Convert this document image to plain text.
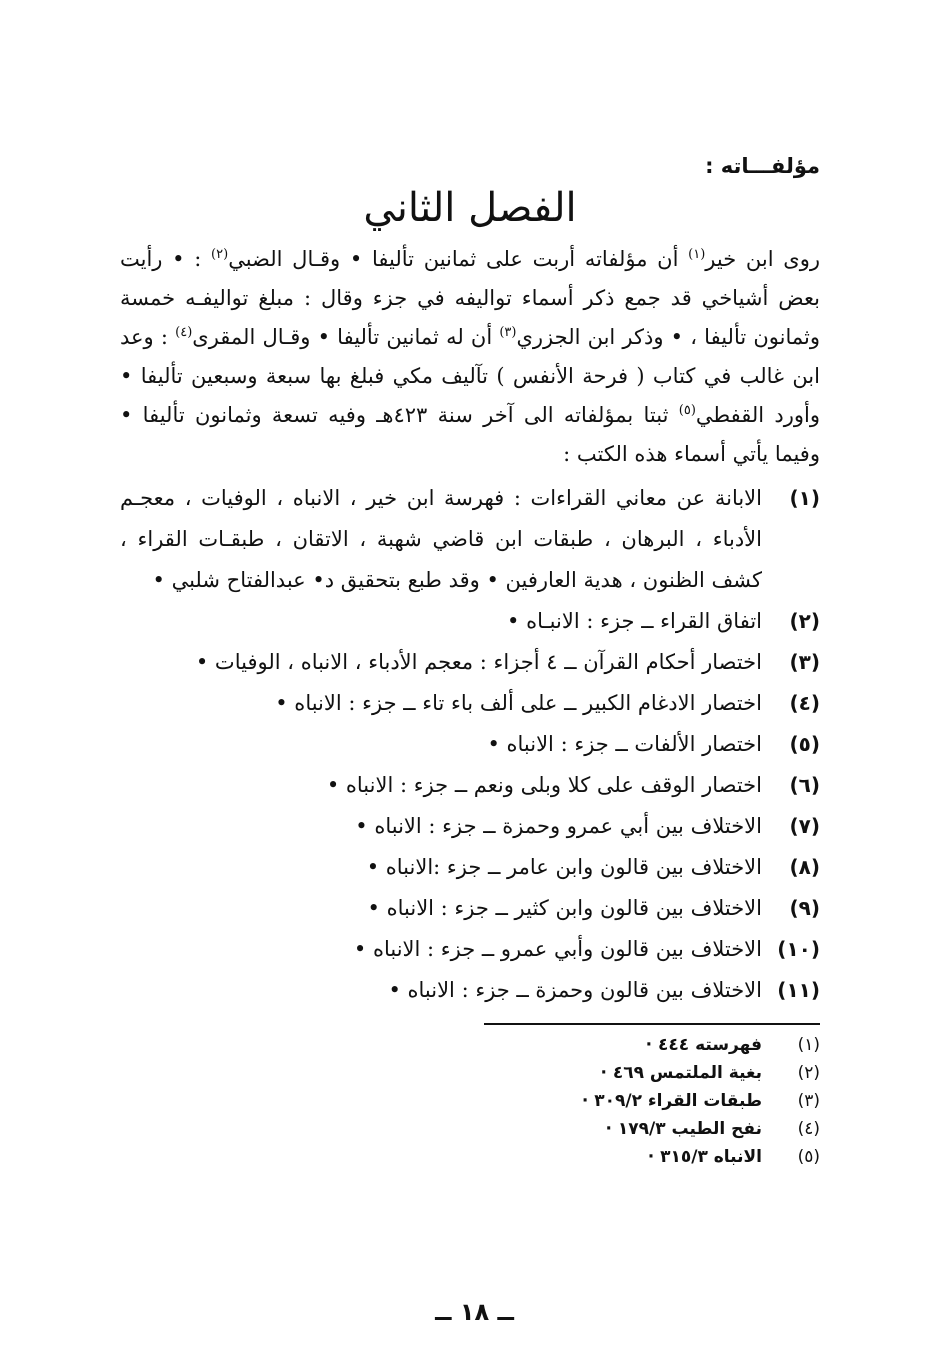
مؤلفـــاته :
الفصل الثاني

روى ابن خير$^{(١)}$ أن مؤلفاته أربت على ثمانين تأليفا • وقـال الضبي$^{(٢)}$ : • رأيت بعض أشياخي قد جمع ذكر أسماء تواليفه في جزء وقال : مبلغ تواليفـه خمسة وثمانون تأليفا ، • وذكر ابن الجزري$^{(٣)}$ أن له ثمانين تأليفا • وقـال المقرى$^{(٤)}$ : وعد ابن غالب في كتاب ( فرحة الأنفس ) تآليف مكي فبلغ بها سبعة وسبعين تأليفا • وأورد القفطي$^{(٥)}$ ثبتا بمؤلفاته الى آخر سنة ٤٢٣هـ وفيه تسعة وثمانون تأليفا • وفيما يأتي أسماء هذه الكتب :

(١)
الابانة عن معاني القراءات : فهرسة ابن خير ، الانباه ، الوفيات ، معجـم الأدباء ، البرهان ، طبقات ابن قاضي شهبة ، الاتقان ، طبقـات القراء ، كشف الظنون ، هدية العارفين • وقد طبع بتحقيق د• عبدالفتاح شلبي •
(٢)
اتفاق القراء ــ جزء : الانبـاه •
(٣)
اختصار أحكام القرآن ــ ٤ أجزاء : معجم الأدباء ، الانباه ، الوفيات •
(٤)
اختصار الادغام الكبير ــ على ألف باء تاء ــ جزء : الانباه •
(٥)
اختصار الألفات ــ جزء : الانباه •
(٦)
اختصار الوقف على كلا وبلى ونعم ــ جزء : الانباه •
(٧)
الاختلاف بين أبي عمرو وحمزة ــ جزء : الانباه •
(٨)
الاختلاف بين قالون وابن عامر ــ جزء :الانباه •
(٩)
الاختلاف بين قالون وابن كثير ــ جزء : الانباه •
(١٠)
الاختلاف بين قالون وأبي عمرو ــ جزء : الانباه •
(١١)
الاختلاف بين قالون وحمزة ــ جزء : الانباه •
(١)
فهرسته ٤٤٤ ·
(٢)
بغية الملتمس ٤٦٩ ·
(٣)
طبقات القراء ٣٠٩/٢ ·
(٤)
نفح الطيب ١٧٩/٣ ·
(٥)
الانباه ٣١٥/٣ ·
ــ ١٨ ــ
